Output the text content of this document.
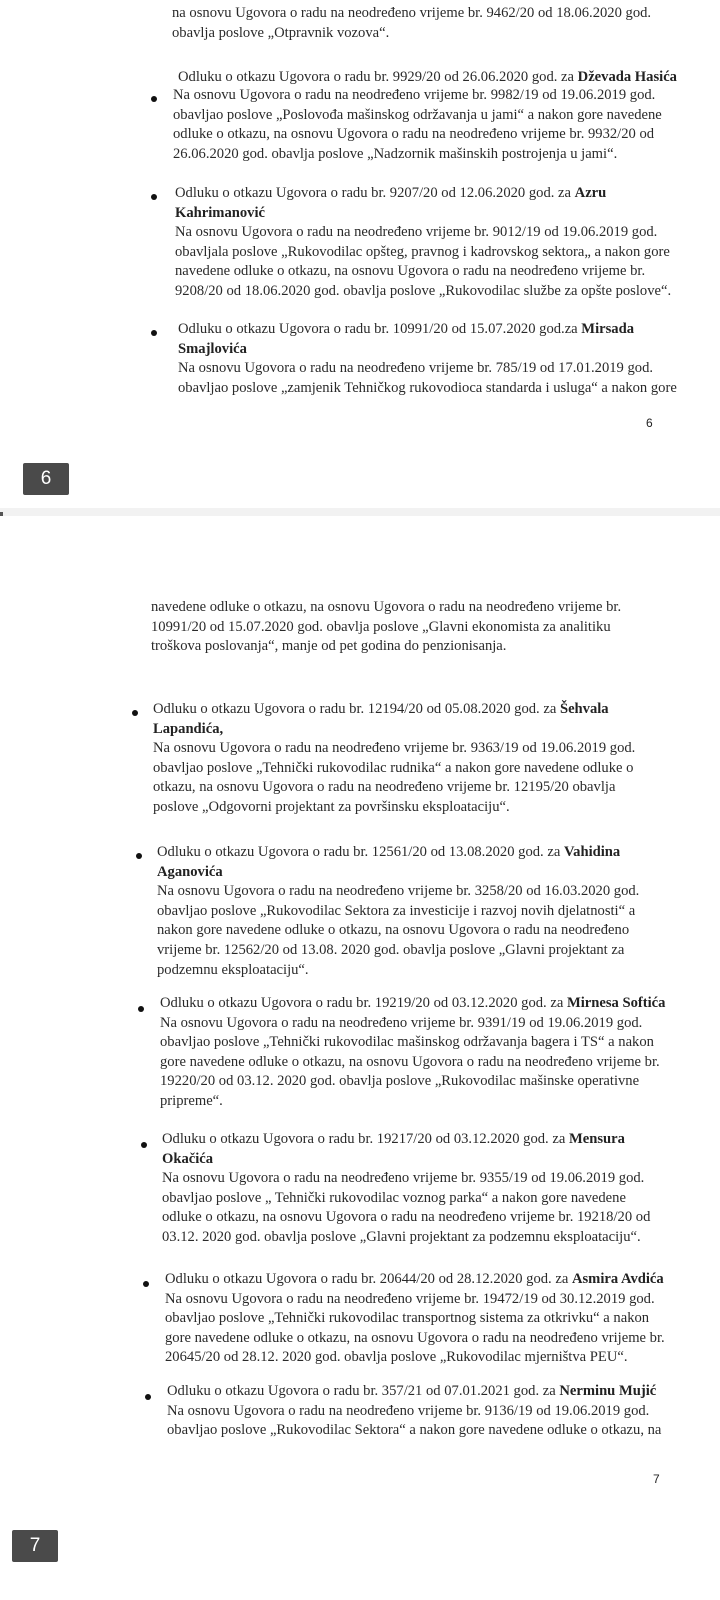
na osnovu Ugovora o radu na neodređeno vrijeme br. 9462/20 od 18.06.2020 god.

obavlja poslove „Otpravnik vozova“.

Odluku o otkazu Ugovora o radu br. 9929/20 od 26.06.2020 god. za Dževada Hasića

Na osnovu Ugovora o radu na neodređeno vrijeme br. 9982/19 od 19.06.2019 god.

obavljao poslove „Poslovođa mašinskog održavanja u jami“ a nakon gore navedene

odluke o otkazu, na osnovu Ugovora o radu na neodređeno vrijeme br. 9932/20 od

26.06.2020 god. obavlja poslove „Nadzornik mašinskih postrojenja u jami“.

Odluku o otkazu Ugovora o radu br. 9207/20 od 12.06.2020 god. za Azru

Kahrimanović

Na osnovu Ugovora o radu na neodređeno vrijeme br. 9012/19 od 19.06.2019 god.

obavljala poslove „Rukovodilac opšteg, pravnog i kadrovskog sektora„ a nakon gore

navedene odluke o otkazu, na osnovu Ugovora o radu na neodređeno vrijeme br.

9208/20 od 18.06.2020 god. obavlja poslove „Rukovodilac službe za opšte poslove“.

Odluku o otkazu Ugovora o radu br. 10991/20 od 15.07.2020 god.za Mirsada

Smajlovića

Na osnovu Ugovora o radu na neodređeno vrijeme br. 785/19 od 17.01.2019 god.

obavljao poslove „zamjenik Tehničkog rukovodioca standarda i usluga“ a nakon gore

6
6

navedene odluke o otkazu, na osnovu Ugovora o radu na neodređeno vrijeme br.

10991/20 od 15.07.2020 god. obavlja poslove „Glavni ekonomista za analitiku

troškova poslovanja“, manje od pet godina do penzionisanja.

Odluku o otkazu Ugovora o radu br. 12194/20 od 05.08.2020 god. za Šehvala

Lapandića,

Na osnovu Ugovora o radu na neodređeno vrijeme br. 9363/19 od 19.06.2019 god.

obavljao poslove „Tehnički rukovodilac rudnika“ a nakon gore navedene odluke o

otkazu, na osnovu Ugovora o radu na neodređeno vrijeme br. 12195/20 obavlja

poslove „Odgovorni projektant za površinsku eksploataciju“.

Odluku o otkazu Ugovora o radu br. 12561/20 od 13.08.2020 god. za Vahidina

Aganovića

Na osnovu Ugovora o radu na neodređeno vrijeme br. 3258/20 od 16.03.2020 god.

obavljao poslove „Rukovodilac Sektora za investicije i razvoj novih djelatnosti“ a

nakon gore navedene odluke o otkazu, na osnovu Ugovora o radu na neodređeno

vrijeme br. 12562/20 od 13.08. 2020 god. obavlja poslove „Glavni projektant za

podzemnu eksploataciju“.

Odluku o otkazu Ugovora o radu br. 19219/20 od 03.12.2020 god. za Mirnesa Softića

Na osnovu Ugovora o radu na neodređeno vrijeme br. 9391/19 od 19.06.2019 god.

obavljao poslove „Tehnički rukovodilac mašinskog održavanja bagera i TS“ a nakon

gore navedene odluke o otkazu, na osnovu Ugovora o radu na neodređeno vrijeme br.

19220/20 od 03.12. 2020 god. obavlja poslove „Rukovodilac mašinske operativne

pripreme“.

Odluku o otkazu Ugovora o radu br. 19217/20 od 03.12.2020 god. za Mensura

Okačića

Na osnovu Ugovora o radu na neodređeno vrijeme br. 9355/19 od 19.06.2019 god.

obavljao poslove „ Tehnički rukovodilac voznog parka“ a nakon gore navedene

odluke o otkazu, na osnovu Ugovora o radu na neodređeno vrijeme br. 19218/20 od

03.12. 2020 god. obavlja poslove „Glavni projektant za podzemnu eksploataciju“.

Odluku o otkazu Ugovora o radu br. 20644/20 od 28.12.2020 god. za Asmira Avdića

Na osnovu Ugovora o radu na neodređeno vrijeme br. 19472/19 od 30.12.2019 god.

obavljao poslove „Tehnički rukovodilac transportnog sistema za otkrivku“ a nakon

gore navedene odluke o otkazu, na osnovu Ugovora o radu na neodređeno vrijeme br.

20645/20 od 28.12. 2020 god. obavlja poslove „Rukovodilac mjerništva PEU“.

Odluku o otkazu Ugovora o radu br. 357/21 od 07.01.2021 god. za Nerminu Mujić

Na osnovu Ugovora o radu na neodređeno vrijeme br. 9136/19 od 19.06.2019 god.

obavljao poslove „Rukovodilac Sektora“ a nakon gore navedene odluke o otkazu, na

7
7
